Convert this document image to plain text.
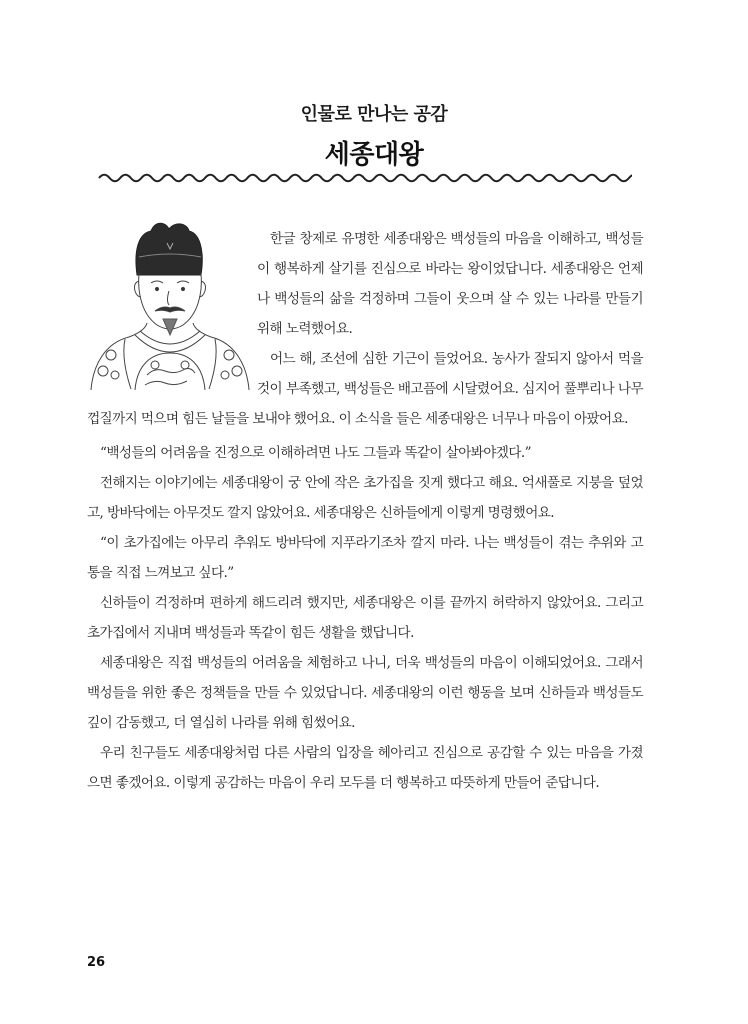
인물로 만나는 공감
세종대왕

한글 창제로 유명한 세종대왕은 백성들의 마음을 이해하고, 백성들이 행복하게 살기를 진심으로 바라는 왕이었답니다. 세종대왕은 언제나 백성들의 삶을 걱정하며 그들이 웃으며 살 수 있는 나라를 만들기 위해 노력했어요.

어느 해, 조선에 심한 기근이 들었어요. 농사가 잘되지 않아서 먹을 것이 부족했고, 백성들은 배고픔에 시달렸어요. 심지어 풀뿌리나 나무껍질까지 먹으며 힘든 날들을 보내야 했어요. 이 소식을 들은 세종대왕은 너무나 마음이 아팠어요.

“백성들의 어려움을 진정으로 이해하려면 나도 그들과 똑같이 살아봐야겠다.”

전해지는 이야기에는 세종대왕이 궁 안에 작은 초가집을 짓게 했다고 해요. 억새풀로 지붕을 덮었고, 방바닥에는 아무것도 깔지 않았어요. 세종대왕은 신하들에게 이렇게 명령했어요.

“이 초가집에는 아무리 추워도 방바닥에 지푸라기조차 깔지 마라. 나는 백성들이 겪는 추위와 고통을 직접 느껴보고 싶다.”

신하들이 걱정하며 편하게 해드리려 했지만, 세종대왕은 이를 끝까지 허락하지 않았어요. 그리고 초가집에서 지내며 백성들과 똑같이 힘든 생활을 했답니다.

세종대왕은 직접 백성들의 어려움을 체험하고 나니, 더욱 백성들의 마음이 이해되었어요. 그래서 백성들을 위한 좋은 정책들을 만들 수 있었답니다. 세종대왕의 이런 행동을 보며 신하들과 백성들도 깊이 감동했고, 더 열심히 나라를 위해 힘썼어요.

우리 친구들도 세종대왕처럼 다른 사람의 입장을 헤아리고 진심으로 공감할 수 있는 마음을 가졌으면 좋겠어요. 이렇게 공감하는 마음이 우리 모두를 더 행복하고 따뜻하게 만들어 준답니다.

26
